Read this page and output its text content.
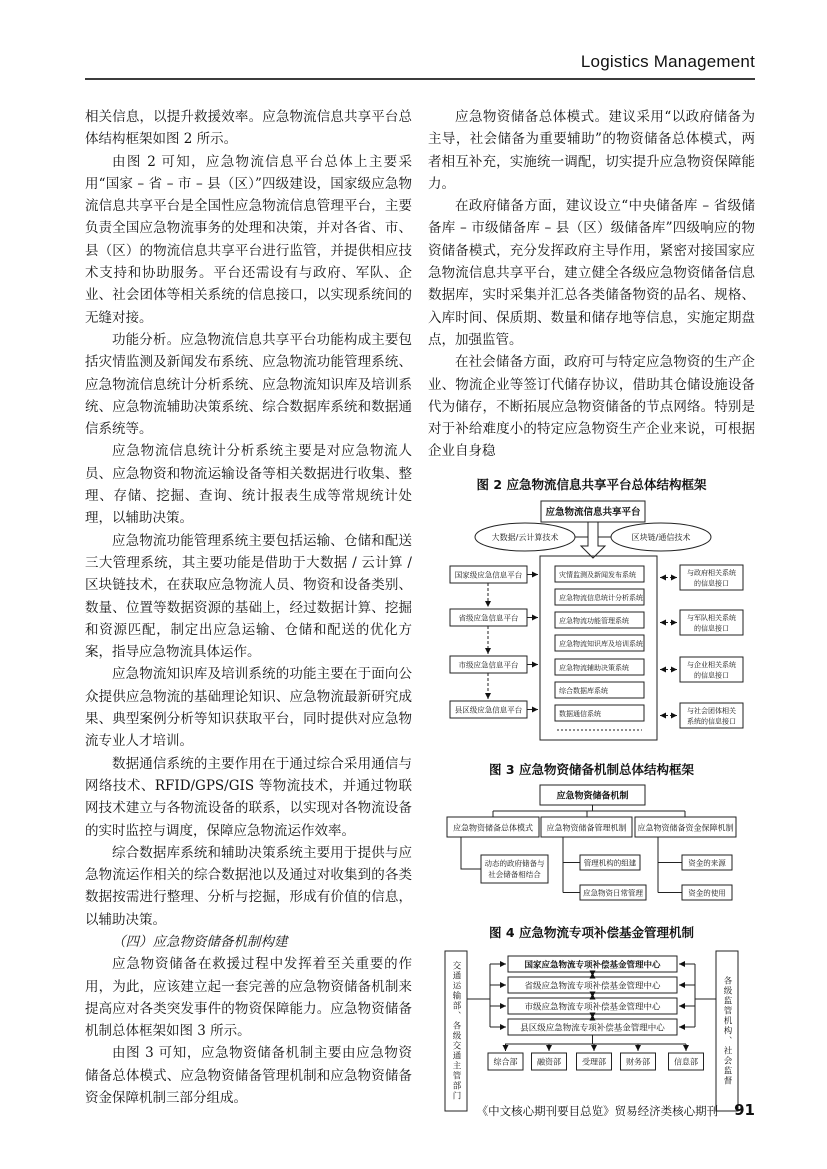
Logistics Management

相关信息，以提升救援效率。应急物流信息共享平台总体结构框架如图 2 所示。

由图 2 可知，应急物流信息平台总体上主要采用“国家 – 省 – 市 – 县（区）”四级建设，国家级应急物流信息共享平台是全国性应急物流信息管理平台，主要负责全国应急物流事务的处理和决策，并对各省、市、县（区）的物流信息共享平台进行监管，并提供相应技术支持和协助服务。平台还需设有与政府、军队、企业、社会团体等相关系统的信息接口，以实现系统间的无缝对接。

功能分析。应急物流信息共享平台功能构成主要包括灾情监测及新闻发布系统、应急物流功能管理系统、应急物流信息统计分析系统、应急物流知识库及培训系统、应急物流辅助决策系统、综合数据库系统和数据通信系统等。

应急物流信息统计分析系统主要是对应急物流人员、应急物资和物流运输设备等相关数据进行收集、整理、存储、挖掘、查询、统计报表生成等常规统计处理，以辅助决策。

应急物流功能管理系统主要包括运输、仓储和配送三大管理系统，其主要功能是借助于大数据 / 云计算 / 区块链技术，在获取应急物流人员、物资和设备类别、数量、位置等数据资源的基础上，经过数据计算、挖掘和资源匹配，制定出应急运输、仓储和配送的优化方案，指导应急物流具体运作。

应急物流知识库及培训系统的功能主要在于面向公众提供应急物流的基础理论知识、应急物流最新研究成果、典型案例分析等知识获取平台，同时提供对应急物流专业人才培训。

数据通信系统的主要作用在于通过综合采用通信与网络技术、RFID/GPS/GIS 等物流技术，并通过物联网技术建立与各物流设备的联系，以实现对各物流设备的实时监控与调度，保障应急物流运作效率。

综合数据库系统和辅助决策系统主要用于提供与应急物流运作相关的综合数据池以及通过对收集到的各类数据按需进行整理、分析与挖掘，形成有价值的信息，以辅助决策。

（四）应急物资储备机制构建

应急物资储备在救援过程中发挥着至关重要的作用，为此，应该建立起一套完善的应急物资储备机制来提高应对各类突发事件的物资保障能力。应急物资储备机制总体框架如图 3 所示。

由图 3 可知，应急物资储备机制主要由应急物资储备总体模式、应急物资储备管理机制和应急物资储备资金保障机制三部分组成。

应急物资储备总体模式。建议采用“以政府储备为主导，社会储备为重要辅助”的物资储备总体模式，两者相互补充，实施统一调配，切实提升应急物资保障能力。

在政府储备方面，建议设立“中央储备库 – 省级储备库 – 市级储备库 – 县（区）级储备库”四级响应的物资储备模式，充分发挥政府主导作用，紧密对接国家应急物流信息共享平台，建立健全各级应急物资储备信息数据库，实时采集并汇总各类储备物资的品名、规格、入库时间、保质期、数量和储存地等信息，实施定期盘点，加强监管。

在社会储备方面，政府可与特定应急物资的生产企业、物流企业等签订代储存协议，借助其仓储设施设备代为储存，不断拓展应急物资储备的节点网络。特别是对于补给难度小的特定应急物资生产企业来说，可根据企业自身稳

图 2 应急物流信息共享平台总体结构框架
应急物流信息共享平台
大数据/云计算技术	区块链/通信技术
灾情监测及新闻发布系统
应急物流信息统计分析系统
应急物流功能管理系统
应急物流知识库及培训系统
应急物流辅助决策系统
综合数据库系统
数据通信系统
国家级应急信息平台
省级应急信息平台
市级应急信息平台
县区级应急信息平台
与政府相关系统
的信息接口
与军队相关系统
的信息接口
与企业相关系统
的信息接口
与社会团体相关
系统的信息接口
图 3 应急物资储备机制总体结构框架
应急物资储备机制
应急物资储备总体模式 应急物资储备管理机制 应急物资储备资金保障机制
动态的政府储备与
社会储备相结合
管理机构的组建
应急物资日常管理
资金的来源
资金的使用
图 4 应急物流专项补偿基金管理机制
交通运输部、各级交通主管部门	各级监管机构、社会监督
国家应急物流专项补偿基金管理中心
省级应急物流专项补偿基金管理中心
市级应急物流专项补偿基金管理中心
县区级应急物流专项补偿基金管理中心
综合部 融资部	受理部	财务部	信息部
《中文核心期刊要目总览》贸易经济类核心期刊 91
